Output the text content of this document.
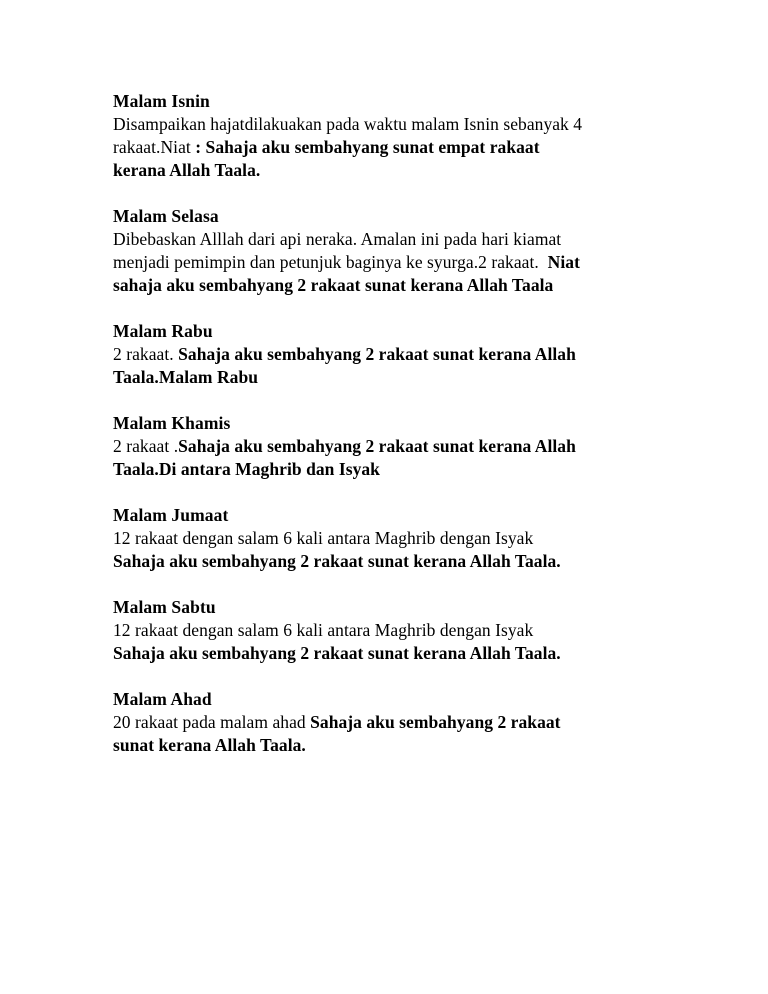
Malam Isnin
Disampaikan hajatdilakuakan pada waktu malam Isnin sebanyak 4
rakaat.Niat : Sahaja aku sembahyang sunat empat rakaat
kerana Allah Taala.
Malam Selasa
Dibebaskan Alllah dari api neraka. Amalan ini pada hari kiamat
menjadi pemimpin dan petunjuk baginya ke syurga.2 rakaat.  Niat
sahaja aku sembahyang 2 rakaat sunat kerana Allah Taala
Malam Rabu
2 rakaat. Sahaja aku sembahyang 2 rakaat sunat kerana Allah
Taala.Malam Rabu
Malam Khamis
2 rakaat .Sahaja aku sembahyang 2 rakaat sunat kerana Allah
Taala.Di antara Maghrib dan Isyak
Malam Jumaat
12 rakaat dengan salam 6 kali antara Maghrib dengan Isyak
Sahaja aku sembahyang 2 rakaat sunat kerana Allah Taala.
Malam Sabtu
12 rakaat dengan salam 6 kali antara Maghrib dengan Isyak
Sahaja aku sembahyang 2 rakaat sunat kerana Allah Taala.
Malam Ahad
20 rakaat pada malam ahad Sahaja aku sembahyang 2 rakaat
sunat kerana Allah Taala.
